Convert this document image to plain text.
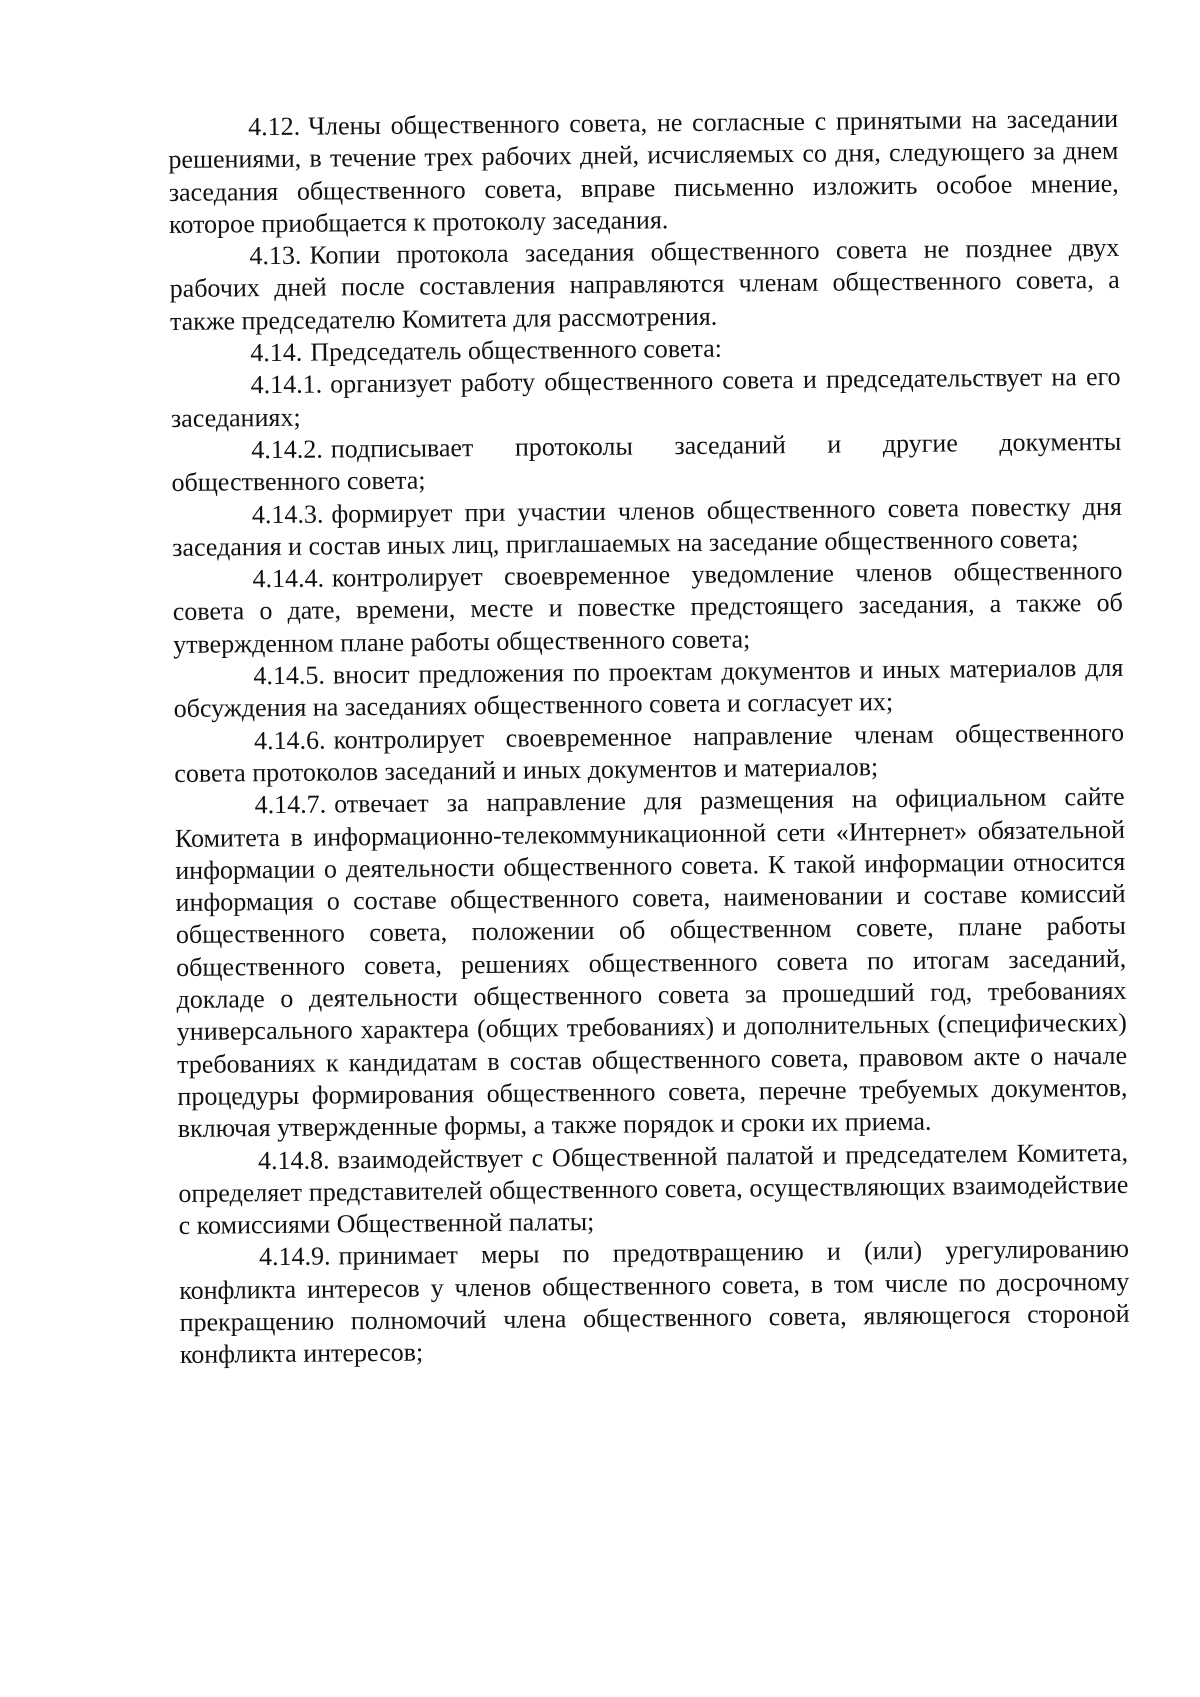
4.12. Члены общественного совета, не согласные с принятыми на заседании решениями, в течение трех рабочих дней, исчисляемых со дня, следующего за днем заседания общественного совета, вправе письменно изложить особое мнение, которое приобщается к протоколу заседания.

4.13. Копии протокола заседания общественного совета не позднее двух рабочих дней после составления направляются членам общественного совета, а также председателю Комитета для рассмотрения.

4.14. Председатель общественного совета:

4.14.1. организует работу общественного совета и председательствует на его заседаниях;

4.14.2. подписывает протоколы заседаний и другие документы общественного совета;

4.14.3. формирует при участии членов общественного совета повестку дня заседания и состав иных лиц, приглашаемых на заседание общественного совета;

4.14.4. контролирует своевременное уведомление членов общественного совета о дате, времени, месте и повестке предстоящего заседания, а также об утвержденном плане работы общественного совета;

4.14.5. вносит предложения по проектам документов и иных материалов для обсуждения на заседаниях общественного совета и согласует их;

4.14.6. контролирует своевременное направление членам общественного совета протоколов заседаний и иных документов и материалов;

4.14.7. отвечает за направление для размещения на официальном сайте Комитета в информационно-телекоммуникационной сети «Интернет» обязательной информации о деятельности общественного совета. К такой информации относится информация о составе общественного совета, наименовании и составе комиссий общественного совета, положении об общественном совете, плане работы общественного совета, решениях общественного совета по итогам заседаний, докладе о деятельности общественного совета за прошедший год, требованиях универсального характера (общих требованиях) и дополнительных (специфических) требованиях к кандидатам в состав общественного совета, правовом акте о начале процедуры формирования общественного совета, перечне требуемых документов, включая утвержденные формы, а также порядок и сроки их приема.

4.14.8. взаимодействует с Общественной палатой и председателем Комитета, определяет представителей общественного совета, осуществляющих взаимодействие с комиссиями Общественной палаты;

4.14.9. принимает меры по предотвращению и (или) урегулированию конфликта интересов у членов общественного совета, в том числе по досрочному прекращению полномочий члена общественного совета, являющегося стороной конфликта интересов;
